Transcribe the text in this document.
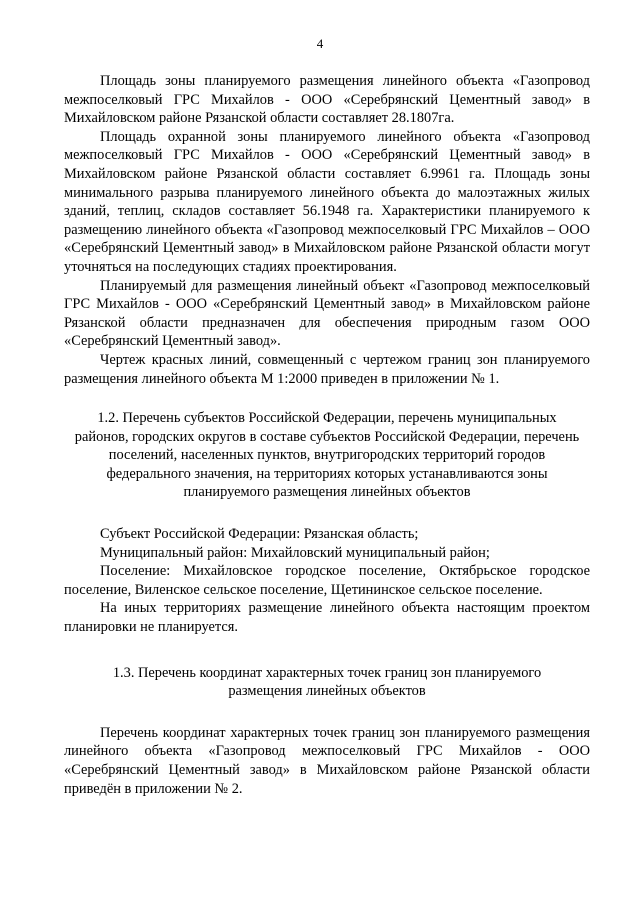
4

Площадь зоны планируемого размещения линейного объекта «Газопровод межпоселковый ГРС Михайлов - ООО «Серебрянский Цементный завод» в Михайловском районе Рязанской области составляет 28.1807га.

Площадь охранной зоны планируемого линейного объекта «Газопровод межпоселковый ГРС Михайлов - ООО «Серебрянский Цементный завод» в Михайловском районе Рязанской области составляет 6.9961 га. Площадь зоны минимального разрыва планируемого линейного объекта до малоэтажных жилых зданий, теплиц, складов составляет 56.1948 га. Характеристики планируемого к размещению линейного объекта «Газопровод межпоселковый ГРС Михайлов – ООО «Серебрянский Цементный завод» в Михайловском районе Рязанской области могут уточняться на последующих стадиях проектирования.

Планируемый для размещения линейный объект «Газопровод межпоселковый ГРС Михайлов - ООО «Серебрянский Цементный завод» в Михайловском районе Рязанской области предназначен для обеспечения природным газом ООО «Серебрянский Цементный завод».

Чертеж красных линий, совмещенный с чертежом границ зон планируемого размещения линейного объекта М 1:2000 приведен в приложении № 1.

1.2. Перечень субъектов Российской Федерации, перечень муниципальных районов, городских округов в составе субъектов Российской Федерации, перечень поселений, населенных пунктов, внутригородских территорий городов федерального значения, на территориях которых устанавливаются зоны планируемого размещения линейных объектов

Субъект Российской Федерации: Рязанская область;

Муниципальный район: Михайловский муниципальный район;

Поселение: Михайловское городское поселение, Октябрьское городское поселение, Виленское сельское поселение, Щетининское сельское поселение.

На иных территориях размещение линейного объекта настоящим проектом планировки не планируется.

1.3. Перечень координат характерных точек границ зон планируемого размещения линейных объектов

Перечень координат характерных точек границ зон планируемого размещения линейного объекта «Газопровод межпоселковый ГРС Михайлов - ООО «Серебрянский Цементный завод» в Михайловском районе Рязанской области приведён в приложении № 2.
